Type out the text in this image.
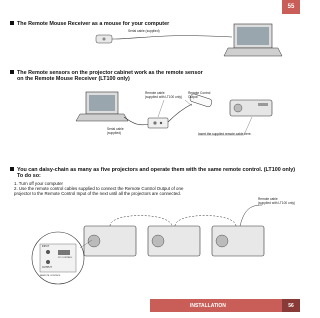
55
The Remote Mouse Receiver as a mouse for your computer
The Remote sensors on the projector cabinet work as the remote sensor
on the Remote Mouse Receiver (LT100 only)
You can daisy-chain as many as five projectors and operate them with the same remote control. (LT100 only)
To do so:
1. Turn off your computer
2. Use the remote control cables supplied to connect the Remote Control Output of one
projector to the Remote Control Input of the next until all the projectors are connected.
Serial cable (supplied)
Remote cable
(supplied with LT100 only)
Remote Control
Output
Serial cable
(supplied)	Insert the supplied remote cable here.
Remote cable
(supplied with LT100 only)
INPUT
OUTPUT
REMOTE CONTROL
PC CONTROL
INSTALLATION	56
